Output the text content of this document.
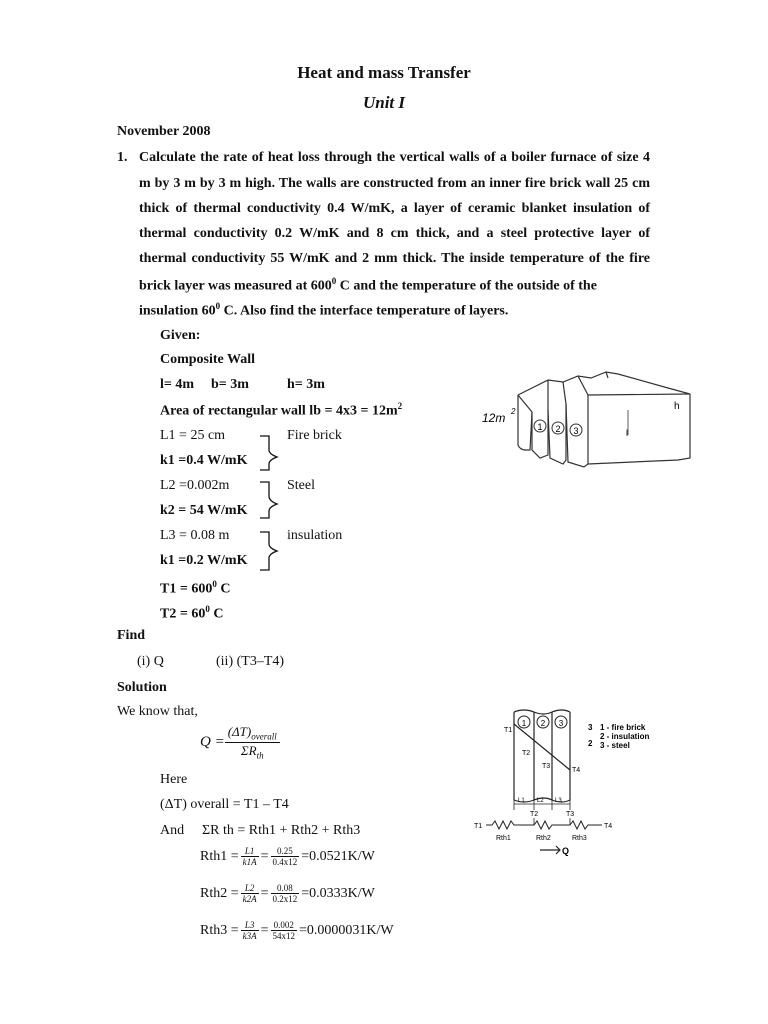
Heat and mass Transfer
Unit I
November 2008
1. Calculate the rate of heat loss through the vertical walls of a boiler furnace of size 4
m by 3 m by 3 m high. The walls are constructed from an inner fire brick wall 25 cm
thick of thermal conductivity 0.4 W/mK, a layer of ceramic blanket insulation of
thermal conductivity 0.2 W/mK and 8 cm thick, and a steel protective layer of
thermal conductivity 55 W/mK and 2 mm thick. The inside temperature of the fire
brick layer was measured at $600^0$ C and the temperature of the outside of the
insulation $60^0$ C. Also find the interface temperature of layers.
Given:
Composite Wall
l= 4m b= 3m	h= 3m
Area of rectangular wall lb = $4x3 = 12m^2$
L1 = 25 cm
k1 =0.4 W/mK
Fire brick
L2 =0.002m
k2 = 54 W/mK
Steel
L3 = 0.08 m
k1 =0.2 W/mK
insulation
$T1 = 600^0$ C
$T2 = 60^0$ C
Find
(i) Q	(ii) (T3–T4)
Solution
We know that,
Q =
$(\Delta T)_{overall}$
$\Sigma R_{th}$
Here
(ΔT) overall = T1 – T4
And ΣR th = Rth1 + Rth2 + Rth3
$Rth1 = \frac{L1}{k1A} = \frac{0.25}{0.4x12} =0.0521K/W$
$Rth2 = \frac{L2}{k2A} = \frac{0.08}{0.2x12} =0.0333K/W$
$Rth3 = \frac{L3}{k3A} = \frac{0.002}{54x12} =0.0000031K/W$
1 2 3
12m 2	h
l
1 2 3
T1
T2
T3
T4
3
2
1 - fire brick
2 - insulation
3 - steel
L1 L2 L3
T1
T2	T3
T4
Rth1	Rth2	Rth3
Q
